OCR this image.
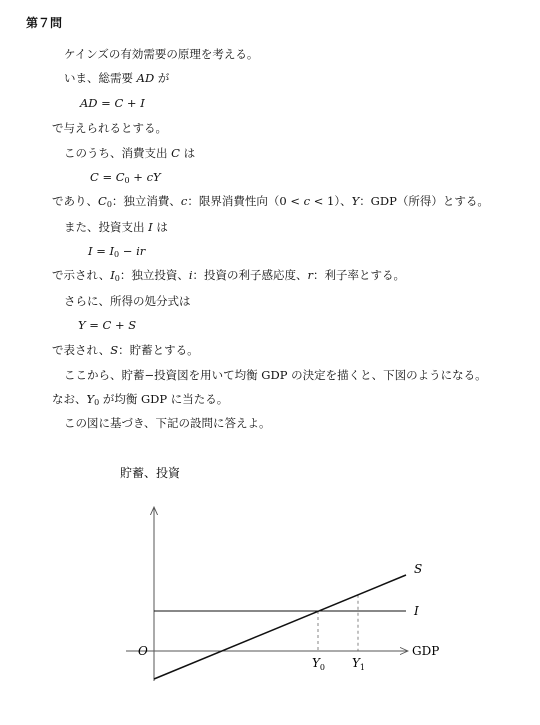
第７問
ケインズの有効需要の原理を考える。
いま、総需要 AD が
AD = C + I
で与えられるとする。
このうち、消費支出 C は
$C = C_0$ + cY
であり、$C_0$：独立消費、c：限界消費性向（0 < c < 1）、Y：GDP（所得）とする。
また、投資支出 I は
$I = I_0$ − ir
で示され、$I_0$：独立投資、i：投資の利子感応度、r：利子率とする。
さらに、所得の処分式は
Y = C + S
で表され、S：貯蓄とする。
ここから、貯蓄−投資図を用いて均衡 GDP の決定を描くと、下図のようになる。
なお、$Y_0$ が均衡 GDP に当たる。
この図に基づき、下記の設問に答えよ。
貯蓄、投資
GDP
O
S
I
$Y_0$ $Y_1$
